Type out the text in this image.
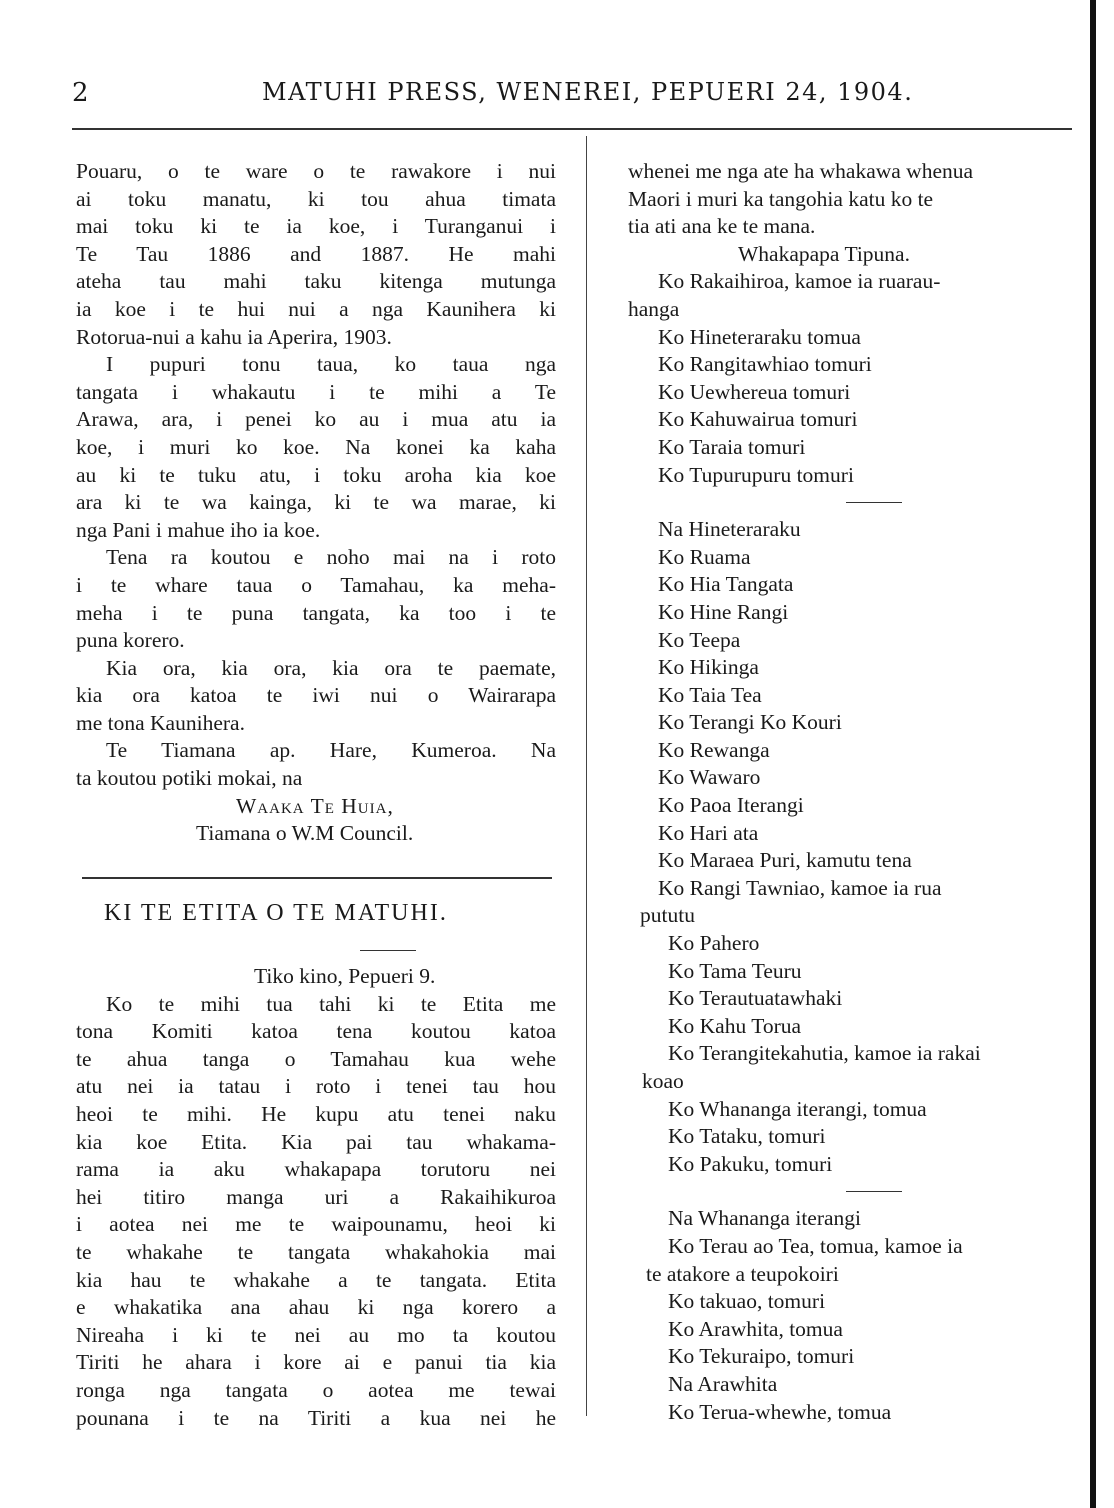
2	MATUHI PRESS, WENEREI, PEPUERI 24, 1904.
Pouaru, o te ware o te rawakore i nui
ai toku manatu, ki tou ahua timata
mai toku ki te ia koe, i Turanganui i
Te Tau 1886 and 1887. He mahi
ateha tau mahi taku kitenga mutunga
ia koe i te hui nui a nga Kaunihera ki
Rotorua-nui a kahu ia Aperira, 1903.
I pupuri tonu taua, ko taua nga
tangata i whakautu i te mihi a Te
Arawa, ara, i penei ko au i mua atu ia
koe, i muri ko koe. Na konei ka kaha
au ki te tuku atu, i toku aroha kia koe
ara ki te wa kainga, ki te wa marae, ki
nga Pani i mahue iho ia koe.
Tena ra koutou e noho mai na i roto
i te whare taua o Tamahau, ka meha-
meha i te puna tangata, ka too i te
puna korero.
Kia ora, kia ora, kia ora te paemate,
kia ora katoa te iwi nui o Wairarapa
me tona Kaunihera.
Te Tiamana ap. Hare, Kumeroa. Na
ta koutou potiki mokai, na
Waaka Te Huia,
Tiamana o W.M Council.
KI TE ETITA O TE MATUHI.
Tiko kino, Pepueri 9.
Ko te mihi tua tahi ki te Etita me
tona Komiti katoa tena koutou katoa
te ahua tanga o Tamahau kua wehe
atu nei ia tatau i roto i tenei tau hou
heoi te mihi. He kupu atu tenei naku
kia koe Etita. Kia pai tau whakama-
rama ia aku whakapapa torutoru nei
hei titiro manga uri a Rakaihikuroa
i aotea nei me te waipounamu, heoi ki
te whakahe te tangata whakahokia mai
kia hau te whakahe a te tangata. Etita
e whakatika ana ahau ki nga korero a
Nireaha i ki te nei au mo ta koutou
Tiriti he ahara i kore ai e panui tia kia
ronga nga tangata o aotea me tewai
pounana i te na Tiriti a kua nei he
whenei me nga ate ha whakawa whenua
Maori i muri ka tangohia katu ko te
tia ati ana ke te mana.
Whakapapa Tipuna.
Ko Rakaihiroa, kamoe ia ruarau-
hanga
Ko Hineteraraku tomua
Ko Rangitawhiao tomuri
Ko Uewhereua tomuri
Ko Kahuwairua tomuri
Ko Taraia tomuri
Ko Tupurupuru tomuri
Na Hineteraraku
Ko Ruama
Ko Hia Tangata
Ko Hine Rangi
Ko Teepa
Ko Hikinga
Ko Taia Tea
Ko Terangi Ko Kouri
Ko Rewanga
Ko Wawaro
Ko Paoa Iterangi
Ko Hari ata
Ko Maraea Puri, kamutu tena
Ko Rangi Tawniao, kamoe ia rua
pututu
Ko Pahero
Ko Tama Teuru
Ko Terautuatawhaki
Ko Kahu Torua
Ko Terangitekahutia, kamoe ia rakai
koao
Ko Whananga iterangi, tomua
Ko Tataku, tomuri
Ko Pakuku, tomuri
Na Whananga iterangi
Ko Terau ao Tea, tomua, kamoe ia
te atakore a teupokoiri
Ko takuao, tomuri
Ko Arawhita, tomua
Ko Tekuraipo, tomuri
Na Arawhita
Ko Terua-whewhe, tomua
